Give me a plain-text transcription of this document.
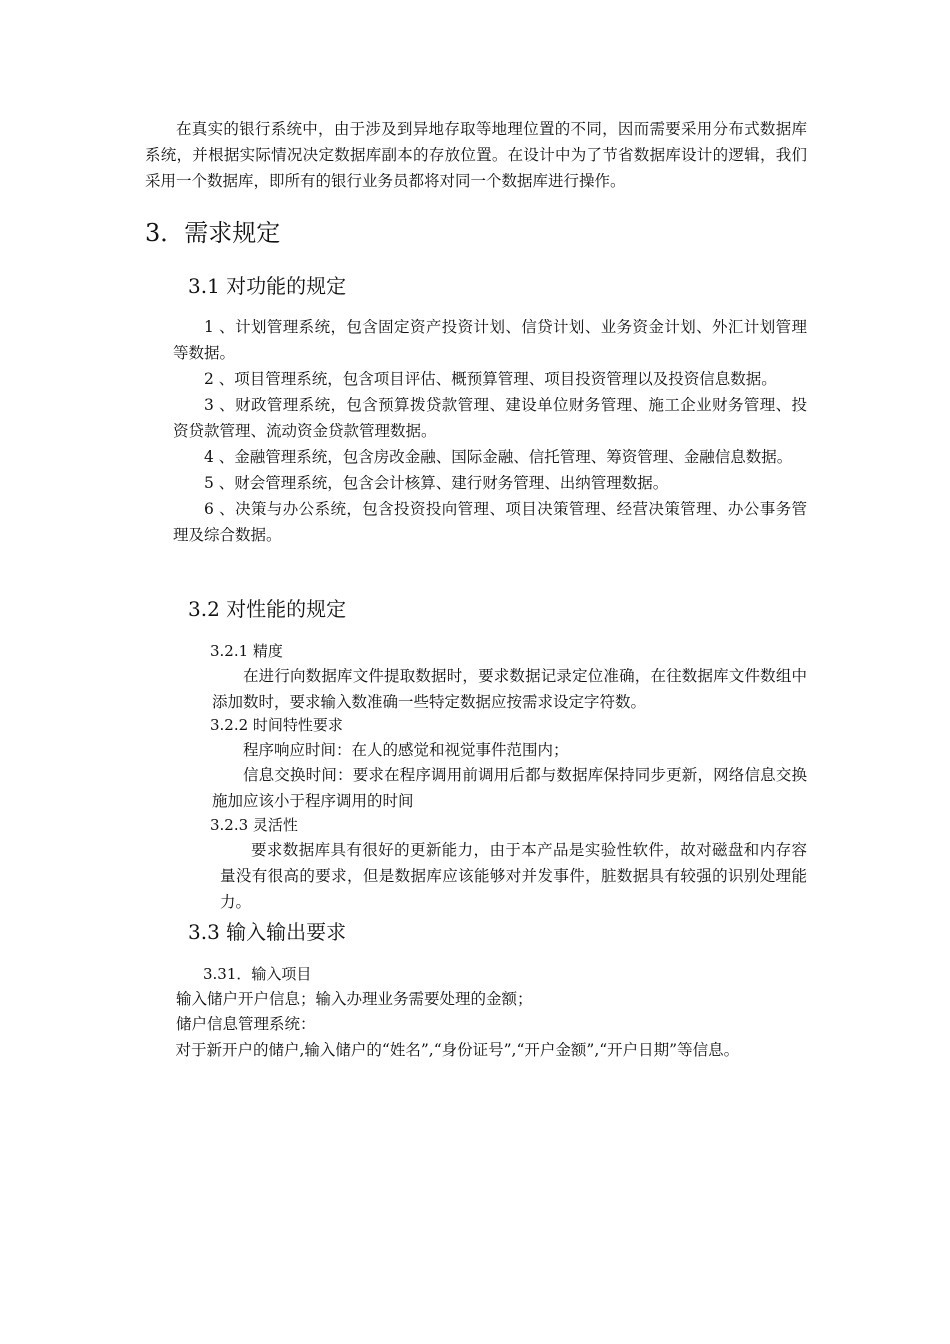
在真实的银行系统中，由于涉及到异地存取等地理位置的不同，因而需要采用分布式数据库系统，并根据实际情况决定数据库副本的存放位置。在设计中为了节省数据库设计的逻辑，我们采用一个数据库，即所有的银行业务员都将对同一个数据库进行操作。

3．需求规定
3.1 对功能的规定

1 、计划管理系统，包含固定资产投资计划、信贷计划、业务资金计划、外汇计划管理等数据。

2 、项目管理系统，包含项目评估、概预算管理、项目投资管理以及投资信息数据。

3 、财政管理系统，包含预算拨贷款管理、建设单位财务管理、施工企业财务管理、投资贷款管理、流动资金贷款管理数据。

4 、金融管理系统，包含房改金融、国际金融、信托管理、筹资管理、金融信息数据。

5 、财会管理系统，包含会计核算、建行财务管理、出纳管理数据。

6 、决策与办公系统，包含投资投向管理、项目决策管理、经营决策管理、办公事务管理及综合数据。

3.2 对性能的规定
3.2.1 精度

在进行向数据库文件提取数据时，要求数据记录定位准确，在往数据库文件数组中添加数时，要求输入数准确一些特定数据应按需求设定字符数。

3.2.2 时间特性要求

程序响应时间：在人的感觉和视觉事件范围内；

信息交换时间：要求在程序调用前调用后都与数据库保持同步更新，网络信息交换施加应该小于程序调用的时间

3.2.3 灵活性

要求数据库具有很好的更新能力，由于本产品是实验性软件，故对磁盘和内存容量没有很高的要求，但是数据库应该能够对并发事件，脏数据具有较强的识别处理能力。

3.3 输入输出要求
3.31．输入项目

输入储户开户信息；输入办理业务需要处理的金额；

储户信息管理系统：

对于新开户的储户,输入储户的“姓名”,“身份证号”,“开户金额”,“开户日期”等信息。
